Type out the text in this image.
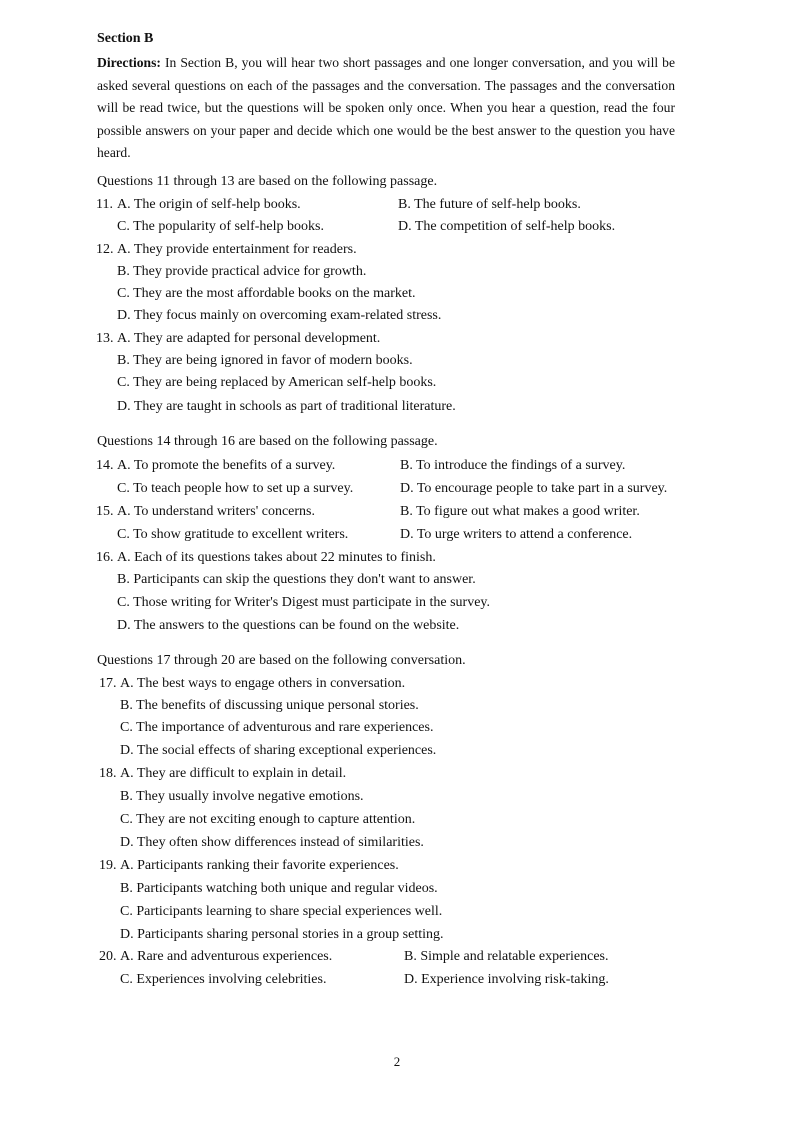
Section B
Directions: In Section B, you will hear two short passages and one longer conversation, and you will be asked several questions on each of the passages and the conversation. The passages and the conversation will be read twice, but the questions will be spoken only once. When you hear a question, read the four possible answers on your paper and decide which one would be the best answer to the question you have heard.
Questions 11 through 13 are based on the following passage.
11. A. The origin of self-help books.	B. The future of self-help books.
C. The popularity of self-help books.	D. The competition of self-help books.
12. A. They provide entertainment for readers.
B. They provide practical advice for growth.
C. They are the most affordable books on the market.
D. They focus mainly on overcoming exam-related stress.
13. A. They are adapted for personal development.
B. They are being ignored in favor of modern books.
C. They are being replaced by American self-help books.
D. They are taught in schools as part of traditional literature.
Questions 14 through 16 are based on the following passage.
14. A. To promote the benefits of a survey.	B. To introduce the findings of a survey.
C. To teach people how to set up a survey.	D. To encourage people to take part in a survey.
15. A. To understand writers' concerns.	B. To figure out what makes a good writer.
C. To show gratitude to excellent writers.	D. To urge writers to attend a conference.
16. A. Each of its questions takes about 22 minutes to finish.
B. Participants can skip the questions they don't want to answer.
C. Those writing for Writer's Digest must participate in the survey.
D. The answers to the questions can be found on the website.
Questions 17 through 20 are based on the following conversation.
17. A. The best ways to engage others in conversation.
B. The benefits of discussing unique personal stories.
C. The importance of adventurous and rare experiences.
D. The social effects of sharing exceptional experiences.
18. A. They are difficult to explain in detail.
B. They usually involve negative emotions.
C. They are not exciting enough to capture attention.
D. They often show differences instead of similarities.
19. A. Participants ranking their favorite experiences.
B. Participants watching both unique and regular videos.
C. Participants learning to share special experiences well.
D. Participants sharing personal stories in a group setting.
20. A. Rare and adventurous experiences.	B. Simple and relatable experiences.
C. Experiences involving celebrities.	D. Experience involving risk-taking.
2
